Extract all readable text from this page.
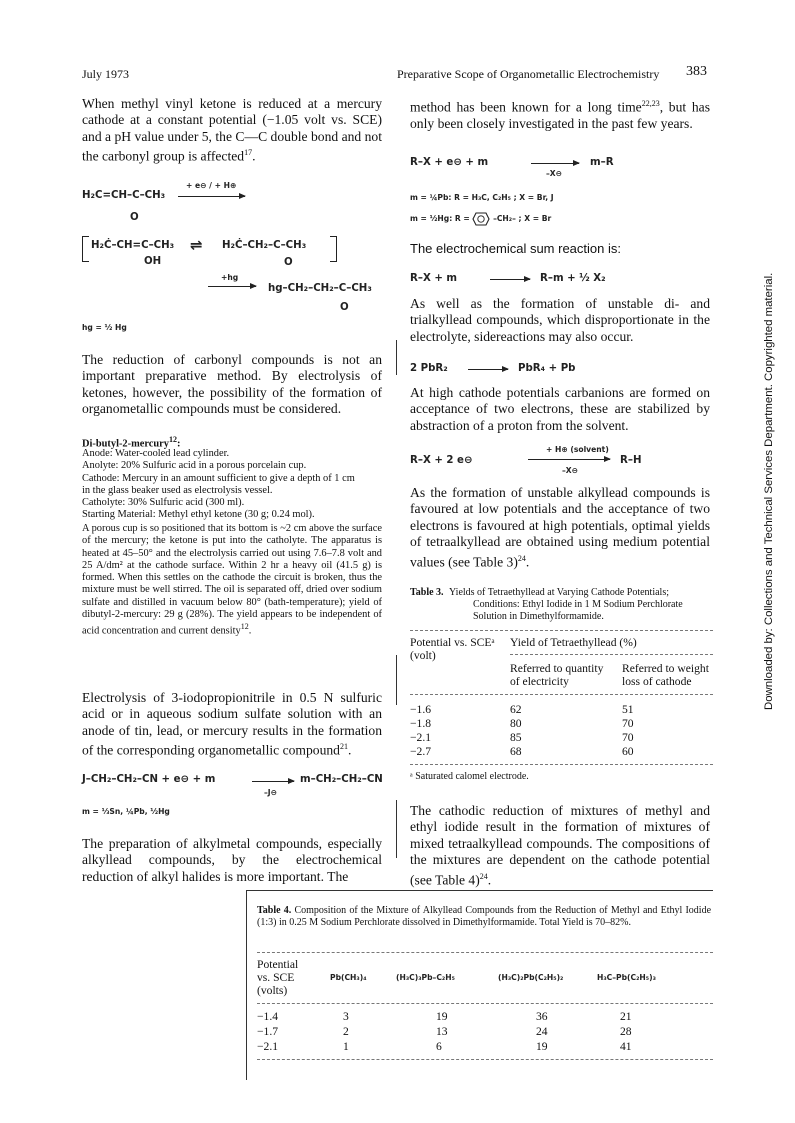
July 1973	Preparative Scope of Organometallic Electrochemistry 383
Downloaded by: Collections and Technical Services Department. Copyrighted material.
When methyl vinyl ketone is reduced at a mercury cathode at a constant potential (−1.05 volt vs. SCE) and a pH value under 5, the C—C double bond and not the carbonyl group is affected$^{17}$.
H₂C=CH–C–CH₃
O
+ e⊖ / + H⊕
H₂Ċ–CH=C–CH₃
OH
⇌ H₂Ċ–CH₂–C–CH₃
O
+hg
hg–CH₂–CH₂–C–CH₃
O
hg = ½ Hg
The reduction of carbonyl compounds is not an important preparative method. By electrolysis of ketones, however, the possibility of the formation of organometallic compounds must be considered.
Di-butyl-2-mercury$^{12}$:
Anode: Water-cooled lead cylinder.
Anolyte: 20% Sulfuric acid in a porous porcelain cup.
Cathode: Mercury in an amount sufficient to give a depth of 1 cm
in the glass beaker used as electrolysis vessel.
Catholyte: 30% Sulfuric acid (300 ml).
Starting Material: Methyl ethyl ketone (30 g; 0.24 mol).
A porous cup is so positioned that its bottom is ~2 cm above the surface of the mercury; the ketone is put into the catholyte. The apparatus is heated at 45–50° and the electrolysis carried out using 7.6–7.8 volt and 25 A/dm² at the cathode surface. Within 2 hr a heavy oil (41.5 g) is formed. When this settles on the cathode the circuit is broken, thus the mixture must be well stirred. The oil is separated off, dried over sodium sulfate and distilled in vacuum below 80° (bath-temperature); yield of dibutyl-2-mercury: 29 g (28%). The yield appears to be independent of acid concentration and current density$^{12}$.
Electrolysis of 3-iodopropionitrile in 0.5 N sulfuric acid or in aqueous sodium sulfate solution with an anode of tin, lead, or mercury results in the formation of the corresponding organometallic compound$^{21}$.
J–CH₂–CH₂–CN + e⊖ + m
–J⊖
m–CH₂–CH₂–CN
m = ⅓Sn, ¼Pb, ½Hg
The preparation of alkylmetal compounds, especially alkyllead compounds, by the electrochemical reduction of alkyl halides is more important. The
method has been known for a long time$^{22,23}$, but has only been closely investigated in the past few years.
R–X + e⊖ + m
–X⊖
m–R
m = ¼Pb: R = H₃C, C₂H₅ ; X = Br, J
m = ½Hg: R =	–CH₂– ; X = Br
The electrochemical sum reaction is:
R–X + m	R–m + ½ X₂
As well as the formation of unstable di- and trialkyllead compounds, which disproportionate in the electrolyte, sidereactions may also occur.
2 PbR₂	PbR₄ + Pb
At high cathode potentials carbanions are formed on acceptance of two electrons, these are stabilized by abstraction of a proton from the solvent.
R–X + 2 e⊖
+ H⊕ (solvent)
–X⊖
R–H
As the formation of unstable alkyllead compounds is favoured at low potentials and the acceptance of two electrons is favoured at high potentials, optimal yields of tetraalkyllead are obtained using medium potential values (see Table 3)$^{24}$.
Table 3. Yields of Tetraethyllead at Varying Cathode Potentials;
Conditions: Ethyl Iodide in 1 M Sodium Perchlorate
Solution in Dimethylformamide.
Potential vs. SCEᵃ
(volt)
Yield of Tetraethyllead (%)
Referred to quantity
of electricity
Referred to weight
loss of cathode
−1.6	62	51
−1.8	80	70
−2.1	85	70
−2.7	68	60
ᵃ Saturated calomel electrode.
The cathodic reduction of mixtures of methyl and ethyl iodide result in the formation of mixtures of mixed tetraalkyllead compounds. The compositions of the mixtures are dependent on the cathode potential (see Table 4)$^{24}$.
Table 4. Composition of the Mixture of Alkyllead Compounds from the Reduction of Methyl and Ethyl Iodide (1:3) in 0.25 M Sodium Perchlorate dissolved in Dimethylformamide. Total Yield is 70–82%.
Potential
vs. SCE
(volts)
Pb(CH₃)₄	(H₃C)₃Pb–C₂H₅	(H₃C)₂Pb(C₂H₅)₂	H₃C–Pb(C₂H₅)₃
−1.4	3	19	36	21
−1.7	2	13	24	28
−2.1	1	6	19	41
